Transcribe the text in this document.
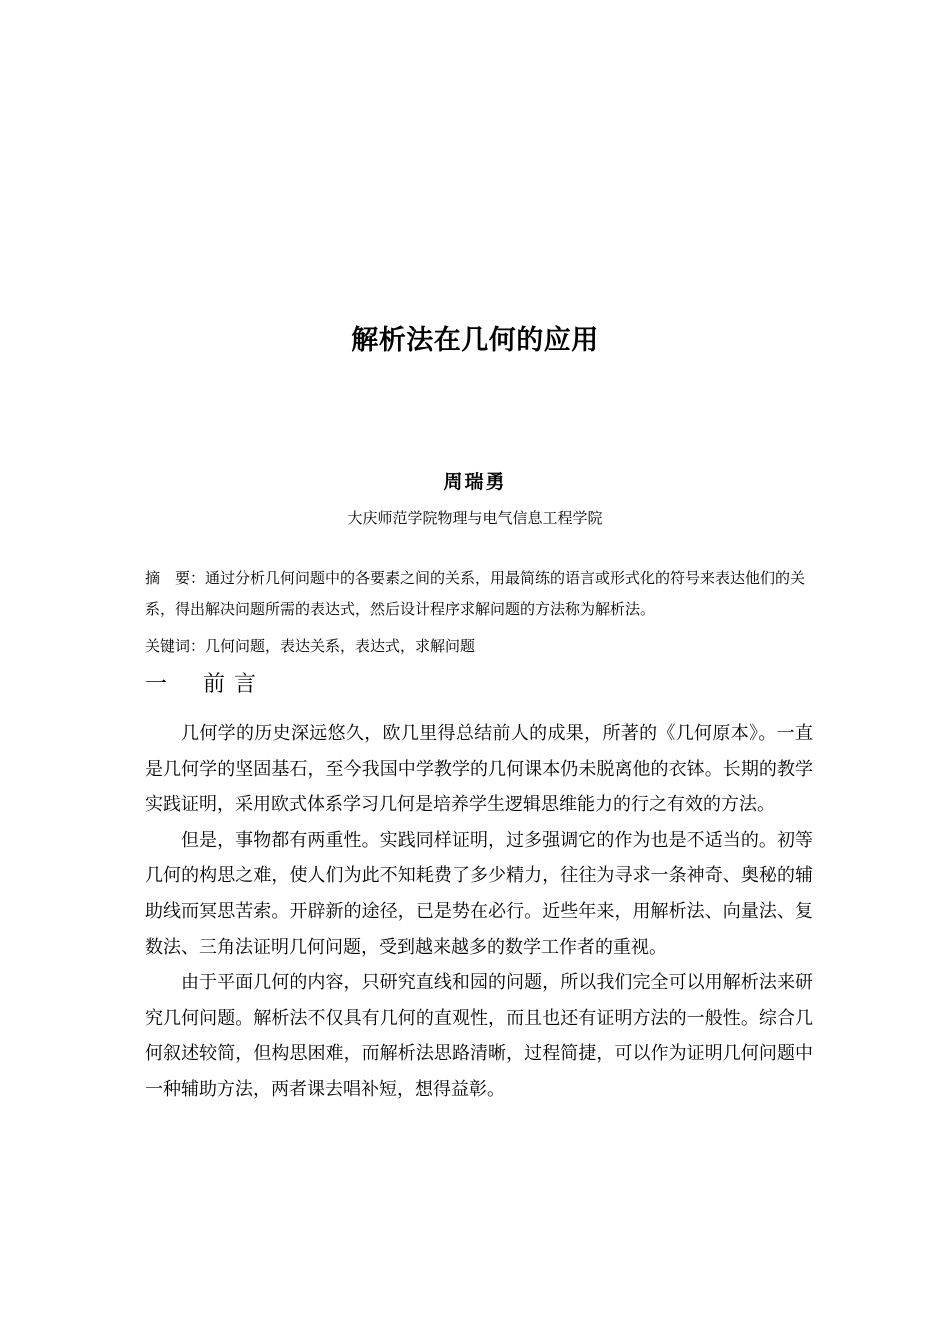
解析法在几何的应用
周瑞勇
大庆师范学院物理与电气信息工程学院
摘　要：通过分析几何问题中的各要素之间的关系，用最简练的语言或形式化的符号来表达他们的关系，得出解决问题所需的表达式，然后设计程序求解问题的方法称为解析法。
关键词：几何问题，表达关系，表达式，求解问题
一 前 言

几何学的历史深远悠久，欧几里得总结前人的成果，所著的《几何原本》。一直是几何学的坚固基石，至今我国中学教学的几何课本仍未脱离他的衣钵。长期的教学实践证明，采用欧式体系学习几何是培养学生逻辑思维能力的行之有效的方法。

但是，事物都有两重性。实践同样证明，过多强调它的作为也是不适当的。初等几何的构思之难，使人们为此不知耗费了多少精力，往往为寻求一条神奇、奥秘的辅助线而冥思苦索。开辟新的途径，已是势在必行。近些年来，用解析法、向量法、复数法、三角法证明几何问题，受到越来越多的数学工作者的重视。

由于平面几何的内容，只研究直线和园的问题，所以我们完全可以用解析法来研究几何问题。解析法不仅具有几何的直观性，而且也还有证明方法的一般性。综合几何叙述较简，但构思困难，而解析法思路清晰，过程简捷，可以作为证明几何问题中一种辅助方法，两者课去唱补短，想得益彰。
